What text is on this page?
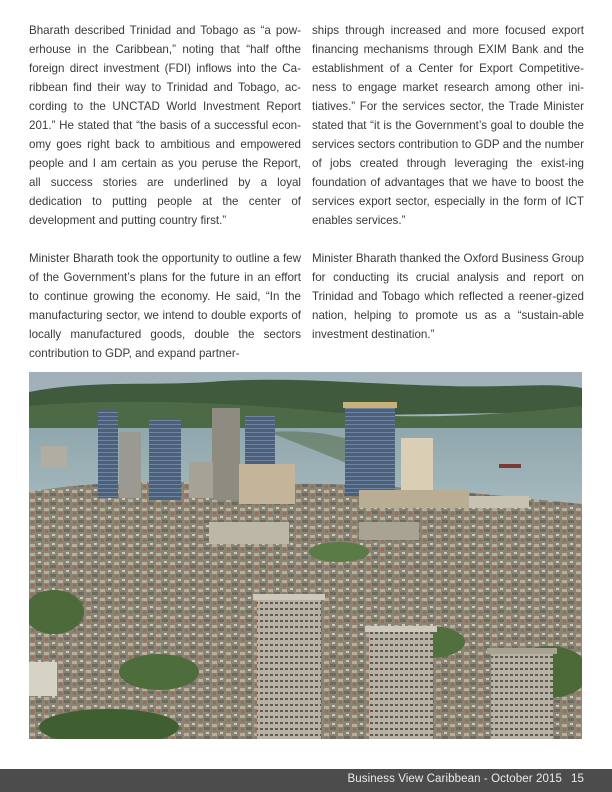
Bharath described Trinidad and Tobago as “a pow-erhouse in the Caribbean,” noting that “half ofthe foreign direct investment (FDI) inflows into the Ca-ribbean find their way to Trinidad and Tobago, ac-cording to the UNCTAD World Investment Report 201.” He stated that “the basis of a successful econ-omy goes right back to ambitious and empowered people and I am certain as you peruse the Report, all success stories are underlined by a loyal dedication to putting people at the center of development and putting country first.”

Minister Bharath took the opportunity to outline a few of the Government’s plans for the future in an effort to continue growing the economy. He said, “In the manufacturing sector, we intend to double exports of locally manufactured goods, double the sectors contribution to GDP, and expand partner-

ships through increased and more focused export financing mechanisms through EXIM Bank and the establishment of a Center for Export Competitive-ness to engage market research among other ini-tiatives.” For the services sector, the Trade Minister stated that “it is the Government’s goal to double the services sectors contribution to GDP and the number of jobs created through leveraging the exist-ing foundation of advantages that we have to boost the services export sector, especially in the form of ICT enables services.”

Minister Bharath thanked the Oxford Business Group for conducting its crucial analysis and report on Trinidad and Tobago which reflected a reener-gized nation, helping to promote us as a “sustain-able investment destination.”

Business View Caribbean - October 2015 15
